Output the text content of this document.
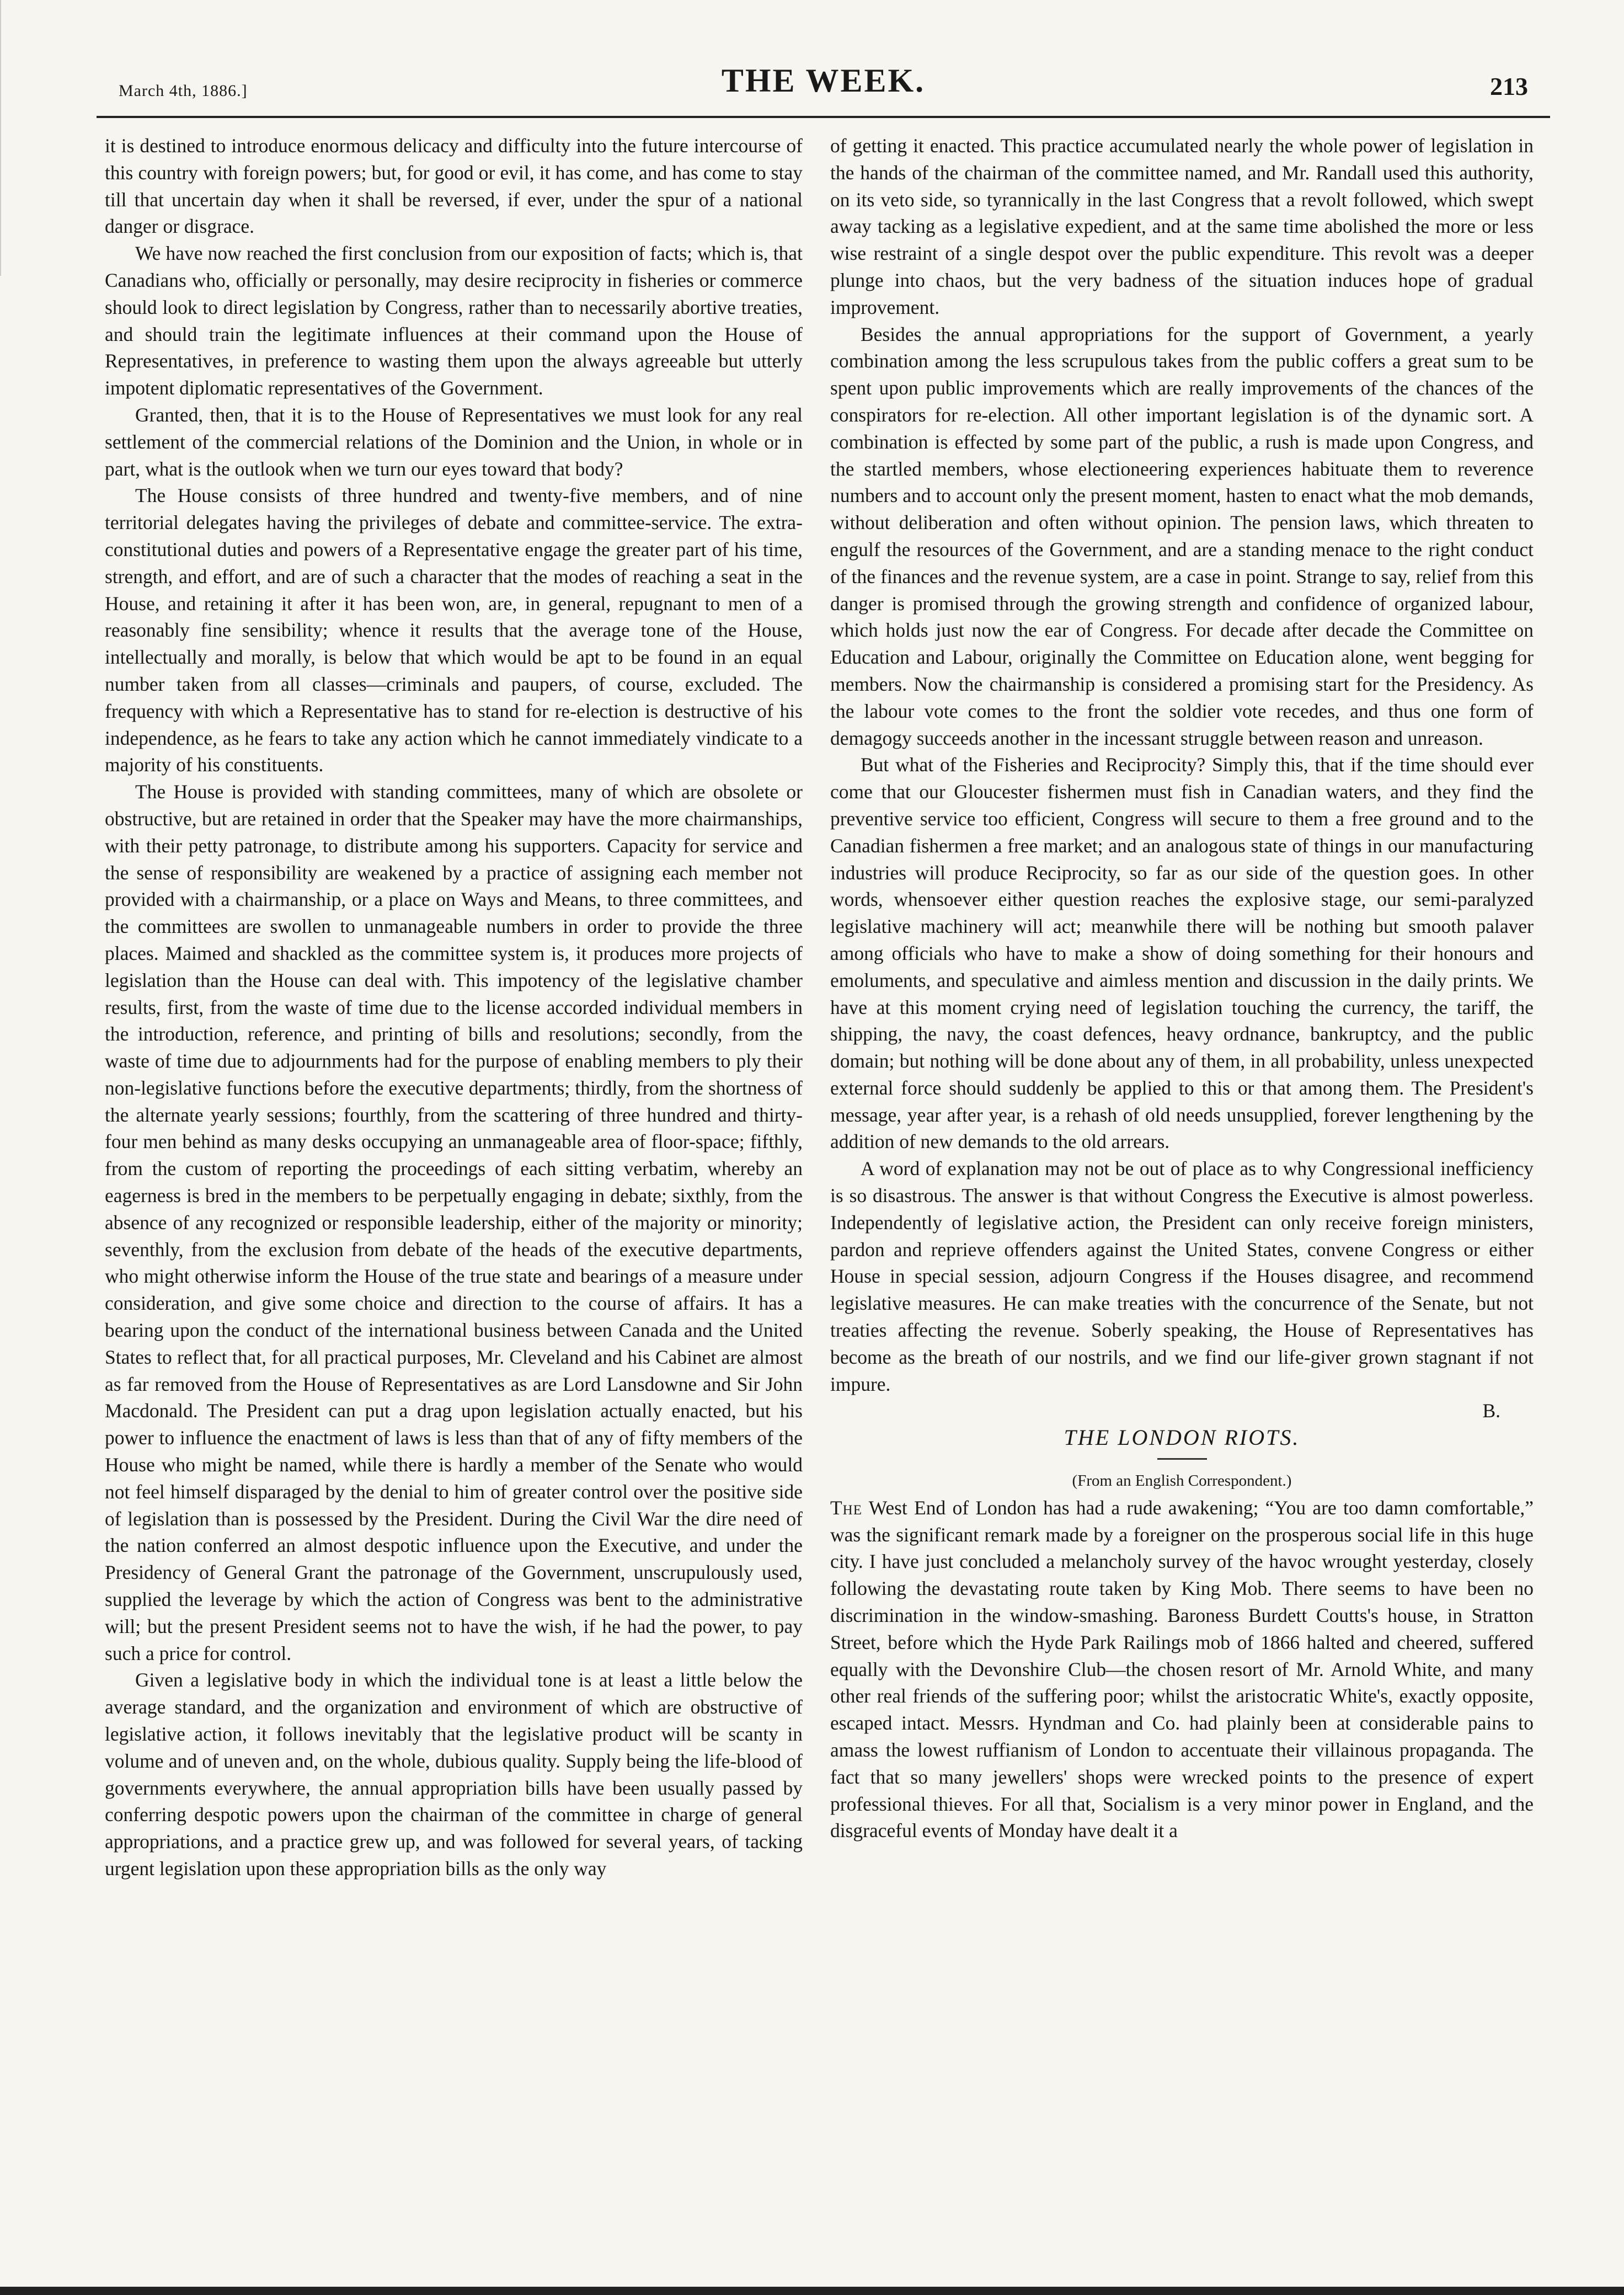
March 4th, 1886.]	THE WEEK.	213

it is destined to introduce enormous delicacy and difficulty into the future intercourse of this country with foreign powers; but, for good or evil, it has come, and has come to stay till that uncertain day when it shall be reversed, if ever, under the spur of a national danger or disgrace.

We have now reached the first conclusion from our exposition of facts; which is, that Canadians who, officially or personally, may desire reciprocity in fisheries or commerce should look to direct legislation by Congress, rather than to necessarily abortive treaties, and should train the legitimate influences at their command upon the House of Representatives, in preference to wasting them upon the always agreeable but utterly impotent diplomatic representatives of the Government.

Granted, then, that it is to the House of Representatives we must look for any real settlement of the commercial relations of the Dominion and the Union, in whole or in part, what is the outlook when we turn our eyes toward that body?

The House consists of three hundred and twenty-five members, and of nine territorial delegates having the privileges of debate and committee-service. The extra-constitutional duties and powers of a Representative engage the greater part of his time, strength, and effort, and are of such a character that the modes of reaching a seat in the House, and retaining it after it has been won, are, in general, repugnant to men of a reasonably fine sensibility; whence it results that the average tone of the House, intellectually and morally, is below that which would be apt to be found in an equal number taken from all classes—criminals and paupers, of course, excluded. The frequency with which a Representative has to stand for re-election is destructive of his independence, as he fears to take any action which he cannot immediately vindicate to a majority of his constituents.

The House is provided with standing committees, many of which are obsolete or obstructive, but are retained in order that the Speaker may have the more chairmanships, with their petty patronage, to distribute among his supporters. Capacity for service and the sense of responsibility are weakened by a practice of assigning each member not provided with a chairmanship, or a place on Ways and Means, to three committees, and the committees are swollen to unmanageable numbers in order to provide the three places. Maimed and shackled as the committee system is, it produces more projects of legislation than the House can deal with. This impotency of the legislative chamber results, first, from the waste of time due to the license accorded individual members in the introduction, reference, and printing of bills and resolutions; secondly, from the waste of time due to adjournments had for the purpose of enabling members to ply their non-legislative functions before the executive departments; thirdly, from the shortness of the alternate yearly sessions; fourthly, from the scattering of three hundred and thirty-four men behind as many desks occupying an unmanageable area of floor-space; fifthly, from the custom of reporting the proceedings of each sitting verbatim, whereby an eagerness is bred in the members to be perpetually engaging in debate; sixthly, from the absence of any recognized or responsible leadership, either of the majority or minority; seventhly, from the exclusion from debate of the heads of the executive departments, who might otherwise inform the House of the true state and bearings of a measure under consideration, and give some choice and direction to the course of affairs. It has a bearing upon the conduct of the international business between Canada and the United States to reflect that, for all practical purposes, Mr. Cleveland and his Cabinet are almost as far removed from the House of Representatives as are Lord Lansdowne and Sir John Macdonald. The President can put a drag upon legislation actually enacted, but his power to influence the enactment of laws is less than that of any of fifty members of the House who might be named, while there is hardly a member of the Senate who would not feel himself disparaged by the denial to him of greater control over the positive side of legislation than is possessed by the President. During the Civil War the dire need of the nation conferred an almost despotic influence upon the Executive, and under the Presidency of General Grant the patronage of the Government, unscrupulously used, supplied the leverage by which the action of Congress was bent to the administrative will; but the present President seems not to have the wish, if he had the power, to pay such a price for control.

Given a legislative body in which the individual tone is at least a little below the average standard, and the organization and environment of which are obstructive of legislative action, it follows inevitably that the legislative product will be scanty in volume and of uneven and, on the whole, dubious quality. Supply being the life-blood of governments everywhere, the annual appropriation bills have been usually passed by conferring despotic powers upon the chairman of the committee in charge of general appropriations, and a practice grew up, and was followed for several years, of tacking urgent legislation upon these appropriation bills as the only way

of getting it enacted. This practice accumulated nearly the whole power of legislation in the hands of the chairman of the committee named, and Mr. Randall used this authority, on its veto side, so tyrannically in the last Congress that a revolt followed, which swept away tacking as a legislative expedient, and at the same time abolished the more or less wise restraint of a single despot over the public expenditure. This revolt was a deeper plunge into chaos, but the very badness of the situation induces hope of gradual improvement.

Besides the annual appropriations for the support of Government, a yearly combination among the less scrupulous takes from the public coffers a great sum to be spent upon public improvements which are really improvements of the chances of the conspirators for re-election. All other important legislation is of the dynamic sort. A combination is effected by some part of the public, a rush is made upon Congress, and the startled members, whose electioneering experiences habituate them to reverence numbers and to account only the present moment, hasten to enact what the mob demands, without deliberation and often without opinion. The pension laws, which threaten to engulf the resources of the Government, and are a standing menace to the right conduct of the finances and the revenue system, are a case in point. Strange to say, relief from this danger is promised through the growing strength and confidence of organized labour, which holds just now the ear of Congress. For decade after decade the Committee on Education and Labour, originally the Committee on Education alone, went begging for members. Now the chairmanship is considered a promising start for the Presidency. As the labour vote comes to the front the soldier vote recedes, and thus one form of demagogy succeeds another in the incessant struggle between reason and unreason.

But what of the Fisheries and Reciprocity? Simply this, that if the time should ever come that our Gloucester fishermen must fish in Canadian waters, and they find the preventive service too efficient, Congress will secure to them a free ground and to the Canadian fishermen a free market; and an analogous state of things in our manufacturing industries will produce Reciprocity, so far as our side of the question goes. In other words, whensoever either question reaches the explosive stage, our semi-paralyzed legislative machinery will act; meanwhile there will be nothing but smooth palaver among officials who have to make a show of doing something for their honours and emoluments, and speculative and aimless mention and discussion in the daily prints. We have at this moment crying need of legislation touching the currency, the tariff, the shipping, the navy, the coast defences, heavy ordnance, bankruptcy, and the public domain; but nothing will be done about any of them, in all probability, unless unexpected external force should suddenly be applied to this or that among them. The President's message, year after year, is a rehash of old needs unsupplied, forever lengthening by the addition of new demands to the old arrears.

A word of explanation may not be out of place as to why Congressional inefficiency is so disastrous. The answer is that without Congress the Executive is almost powerless. Independently of legislative action, the President can only receive foreign ministers, pardon and reprieve offenders against the United States, convene Congress or either House in special session, adjourn Congress if the Houses disagree, and recommend legislative measures. He can make treaties with the concurrence of the Senate, but not treaties affecting the revenue. Soberly speaking, the House of Representatives has become as the breath of our nostrils, and we find our life-giver grown stagnant if not impure.

B.

THE LONDON RIOTS.

(From an English Correspondent.)

The West End of London has had a rude awakening; “You are too damn comfortable,” was the significant remark made by a foreigner on the prosperous social life in this huge city. I have just concluded a melancholy survey of the havoc wrought yesterday, closely following the devastating route taken by King Mob. There seems to have been no discrimination in the window-smashing. Baroness Burdett Coutts's house, in Stratton Street, before which the Hyde Park Railings mob of 1866 halted and cheered, suffered equally with the Devonshire Club—the chosen resort of Mr. Arnold White, and many other real friends of the suffering poor; whilst the aristocratic White's, exactly opposite, escaped intact. Messrs. Hyndman and Co. had plainly been at considerable pains to amass the lowest ruffianism of London to accentuate their villainous propaganda. The fact that so many jewellers' shops were wrecked points to the presence of expert professional thieves. For all that, Socialism is a very minor power in England, and the disgraceful events of Monday have dealt it a
